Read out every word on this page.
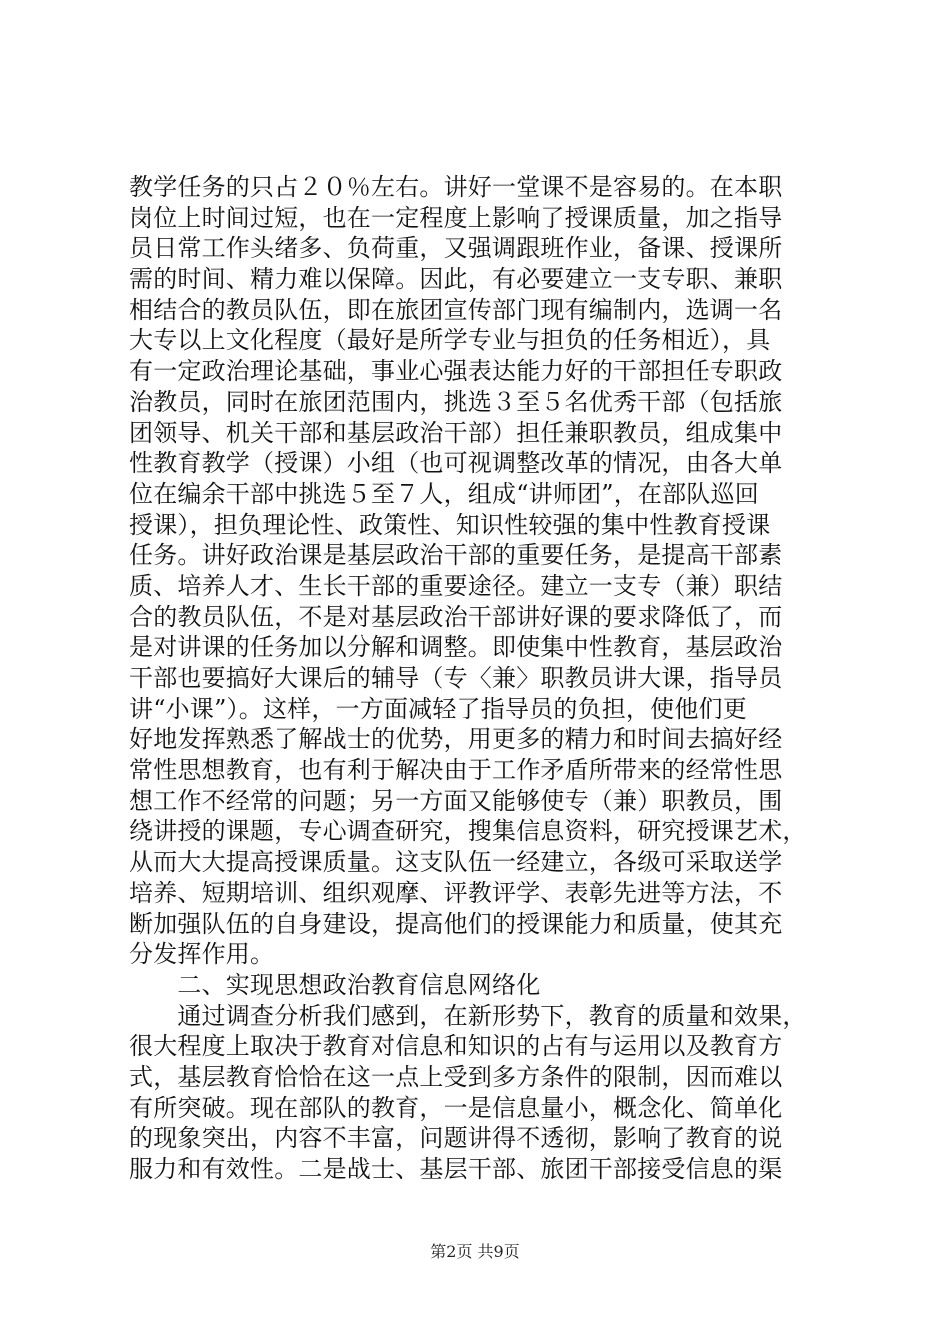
教学任务的只占２０％左右。讲好一堂课不是容易的。在本职
岗位上时间过短，也在一定程度上影响了授课质量，加之指导
员日常工作头绪多、负荷重，又强调跟班作业，备课、授课所
需的时间、精力难以保障。因此，有必要建立一支专职、兼职
相结合的教员队伍，即在旅团宣传部门现有编制内，选调一名
大专以上文化程度（最好是所学专业与担负的任务相近），具
有一定政治理论基础，事业心强表达能力好的干部担任专职政
治教员，同时在旅团范围内，挑选３至５名优秀干部（包括旅
团领导、机关干部和基层政治干部）担任兼职教员，组成集中
性教育教学（授课）小组（也可视调整改革的情况，由各大单
位在编余干部中挑选５至７人，组成“讲师团”，在部队巡回
授课），担负理论性、政策性、知识性较强的集中性教育授课
任务。讲好政治课是基层政治干部的重要任务，是提高干部素
质、培养人才、生长干部的重要途径。建立一支专（兼）职结
合的教员队伍，不是对基层政治干部讲好课的要求降低了，而
是对讲课的任务加以分解和调整。即使集中性教育，基层政治
干部也要搞好大课后的辅导（专〈兼〉职教员讲大课，指导员
讲“小课”）。这样，一方面减轻了指导员的负担，使他们更
好地发挥熟悉了解战士的优势，用更多的精力和时间去搞好经
常性思想教育，也有利于解决由于工作矛盾所带来的经常性思
想工作不经常的问题；另一方面又能够使专（兼）职教员，围
绕讲授的课题，专心调查研究，搜集信息资料，研究授课艺术，
从而大大提高授课质量。这支队伍一经建立，各级可采取送学
培养、短期培训、组织观摩、评教评学、表彰先进等方法，不
断加强队伍的自身建设，提高他们的授课能力和质量，使其充
分发挥作用。
　　二、实现思想政治教育信息网络化
　　通过调查分析我们感到，在新形势下，教育的质量和效果，
很大程度上取决于教育对信息和知识的占有与运用以及教育方
式，基层教育恰恰在这一点上受到多方条件的限制，因而难以
有所突破。现在部队的教育，一是信息量小，概念化、简单化
的现象突出，内容不丰富，问题讲得不透彻，影响了教育的说
服力和有效性。二是战士、基层干部、旅团干部接受信息的渠
第2页 共9页
